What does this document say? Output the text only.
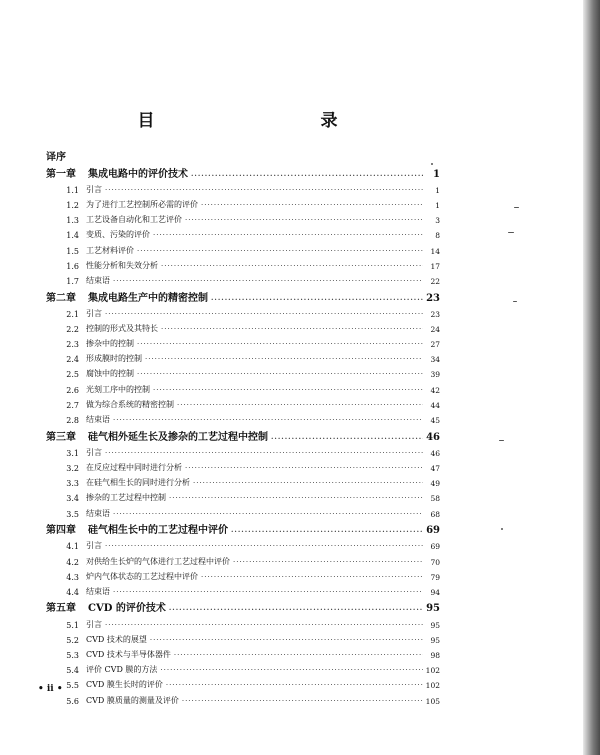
目　　录
译序
第一章	集成电路中的评价技术 ·····	1
1.1 引言 ·····	1
1.2 为了进行工艺控制所必需的评价 ·····	1
1.3 工艺设备自动化和工艺评价 ·····	3
1.4 变质、污染的评价 ·····	8
1.5 工艺材料评价 ·····	14
1.6 性能分析和失效分析 ·····	17
1.7 结束语 ·····	22
第二章	集成电路生产中的精密控制 ·····	23
2.1 引言 ·····	23
2.2 控制的形式及其特长 ·····	24
2.3 掺杂中的控制 ·····	27
2.4 形成膜时的控制 ·····	34
2.5 腐蚀中的控制 ·····	39
2.6 光刻工序中的控制 ·····	42
2.7 做为综合系统的精密控制 ·····	44
2.8 结束语 ·····	45
第三章	硅气相外延生长及掺杂的工艺过程中控制 ·····	46
3.1 引言 ·····	46
3.2 在反应过程中同时进行分析 ·····	47
3.3 在硅气相生长的同时进行分析 ·····	49
3.4 掺杂的工艺过程中控制 ·····	58
3.5 结束语 ·····	68
第四章	硅气相生长中的工艺过程中评价 ·····	69
4.1 引言 ·····	69
4.2 对供给生长炉的气体进行工艺过程中评价 ·····	70
4.3 炉内气体状态的工艺过程中评价 ·····	79
4.4 结束语 ·····	94
第五章	CVD 的评价技术 ·····	95
5.1 引言 ·····	95
5.2 CVD 技术的展望 ·····	95
5.3 CVD 技术与半导体器件 ·····	98
5.4 评价 CVD 膜的方法 ·····	102
5.5 CVD 膜生长时的评价 ·····	102
5.6 CVD 膜质量的测量及评价 ·····	105
• ii •
